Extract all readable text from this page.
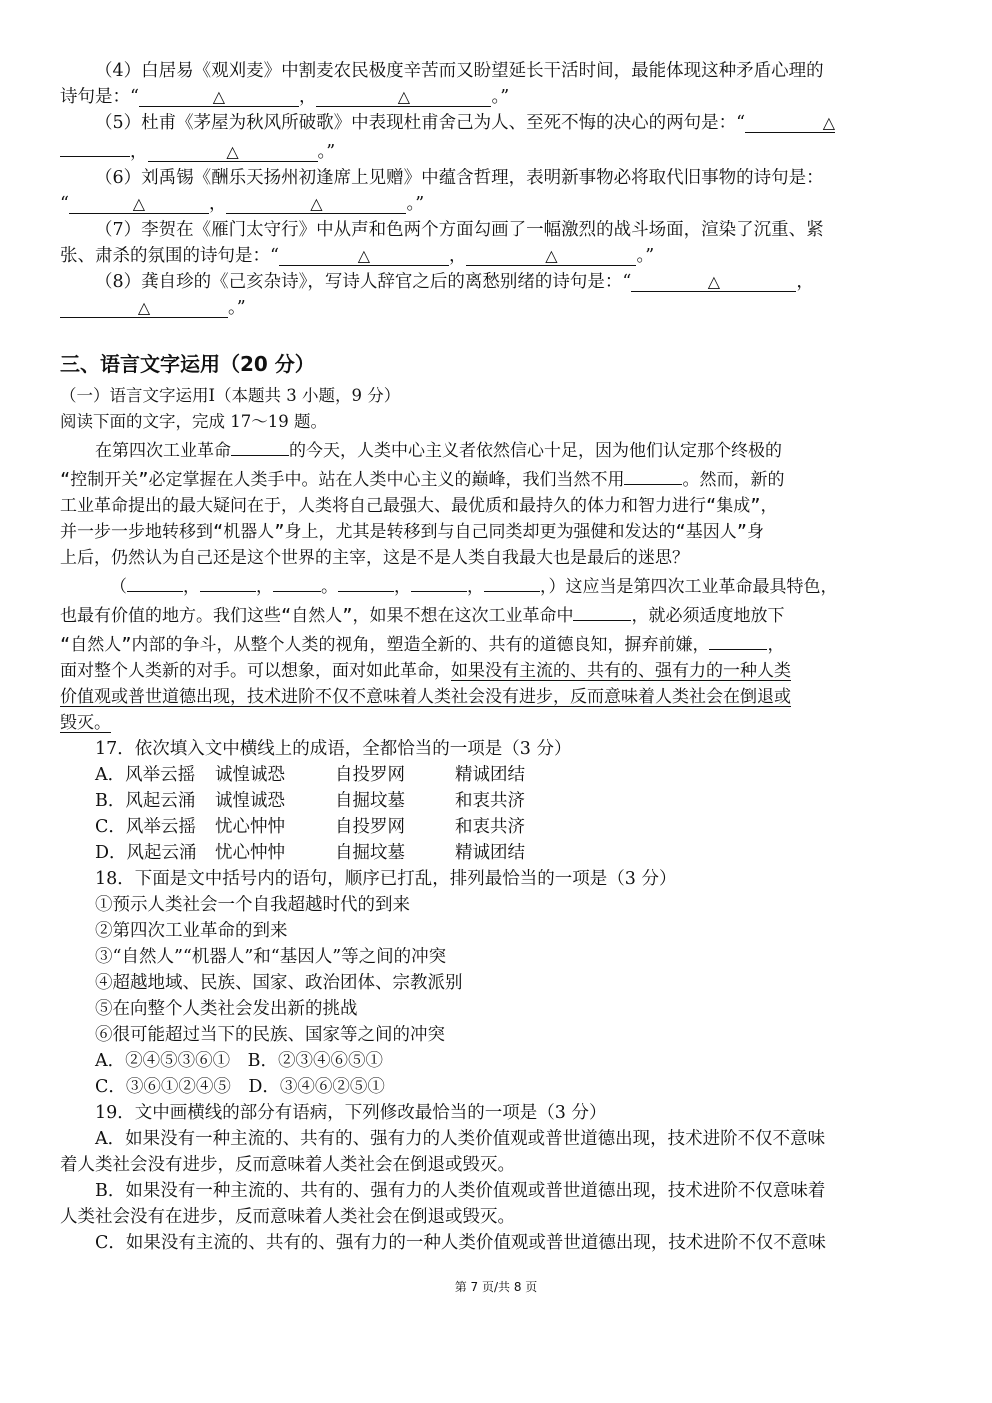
（4）白居易《观刈麦》中割麦农民极度辛苦而又盼望延长干活时间，最能体现这种矛盾心理的
诗句是：“	△	，	△	。”
（5）杜甫《茅屋为秋风所破歌》中表现杜甫舍己为人、至死不悔的决心的两句是：“	△
，	△	。”
（6）刘禹锡《酬乐天扬州初逢席上见赠》中蕴含哲理，表明新事物必将取代旧事物的诗句是：
“	△	，	△	。”
（7）李贺在《雁门太守行》中从声和色两个方面勾画了一幅激烈的战斗场面，渲染了沉重、紧
张、肃杀的氛围的诗句是：“	△	，	△	。”
（8）龚自珍的《己亥杂诗》，写诗人辞官之后的离愁别绪的诗句是：“	△	，
△	。”
三、语言文字运用（20 分）
（一）语言文字运用Ⅰ（本题共 3 小题，9 分）
阅读下面的文字，完成 17～19 题。
在第四次工业革命	的今天，人类中心主义者依然信心十足，因为他们认定那个终极的
“控制开关”必定掌握在人类手中。站在人类中心主义的巅峰，我们当然不用	。然而，新的
工业革命提出的最大疑问在于，人类将自己最强大、最优质和最持久的体力和智力进行“集成”，
并一步一步地转移到“机器人”身上，尤其是转移到与自己同类却更为强健和发达的“基因人”身
上后，仍然认为自己还是这个世界的主宰，这是不是人类自我最大也是最后的迷思？
（	，	，	。	，	，	，）这应当是第四次工业革命最具特色，
也最有价值的地方。我们这些“自然人”，如果不想在这次工业革命中	，就必须适度地放下
“自然人”内部的争斗，从整个人类的视角，塑造全新的、共有的道德良知，摒弃前嫌，	，
面对整个人类新的对手。可以想象，面对如此革命，如果没有主流的、共有的、强有力的一种人类
价值观或普世道德出现，技术进阶不仅不意味着人类社会没有进步，反而意味着人类社会在倒退或
毁灭。
17．依次填入文中横线上的成语，全都恰当的一项是（3 分）
A．风举云摇 诚惶诚恐	自投罗网	精诚团结
B．风起云涌 诚惶诚恐	自掘坟墓	和衷共济
C．风举云摇 忧心忡忡	自投罗网	和衷共济
D．风起云涌 忧心忡忡	自掘坟墓	精诚团结
18．下面是文中括号内的语句，顺序已打乱，排列最恰当的一项是（3 分）
①预示人类社会一个自我超越时代的到来
②第四次工业革命的到来
③“自然人”“机器人”和“基因人”等之间的冲突
④超越地域、民族、国家、政治团体、宗教派别
⑤在向整个人类社会发出新的挑战
⑥很可能超过当下的民族、国家等之间的冲突
A．②④⑤③⑥①　B．②③④⑥⑤①
C．③⑥①②④⑤　D．③④⑥②⑤①
19．文中画横线的部分有语病，下列修改最恰当的一项是（3 分）
A．如果没有一种主流的、共有的、强有力的人类价值观或普世道德出现，技术进阶不仅不意味
着人类社会没有进步，反而意味着人类社会在倒退或毁灭。
B．如果没有一种主流的、共有的、强有力的人类价值观或普世道德出现，技术进阶不仅意味着
人类社会没有在进步，反而意味着人类社会在倒退或毁灭。
C．如果没有主流的、共有的、强有力的一种人类价值观或普世道德出现，技术进阶不仅不意味
第 7 页/共 8 页
